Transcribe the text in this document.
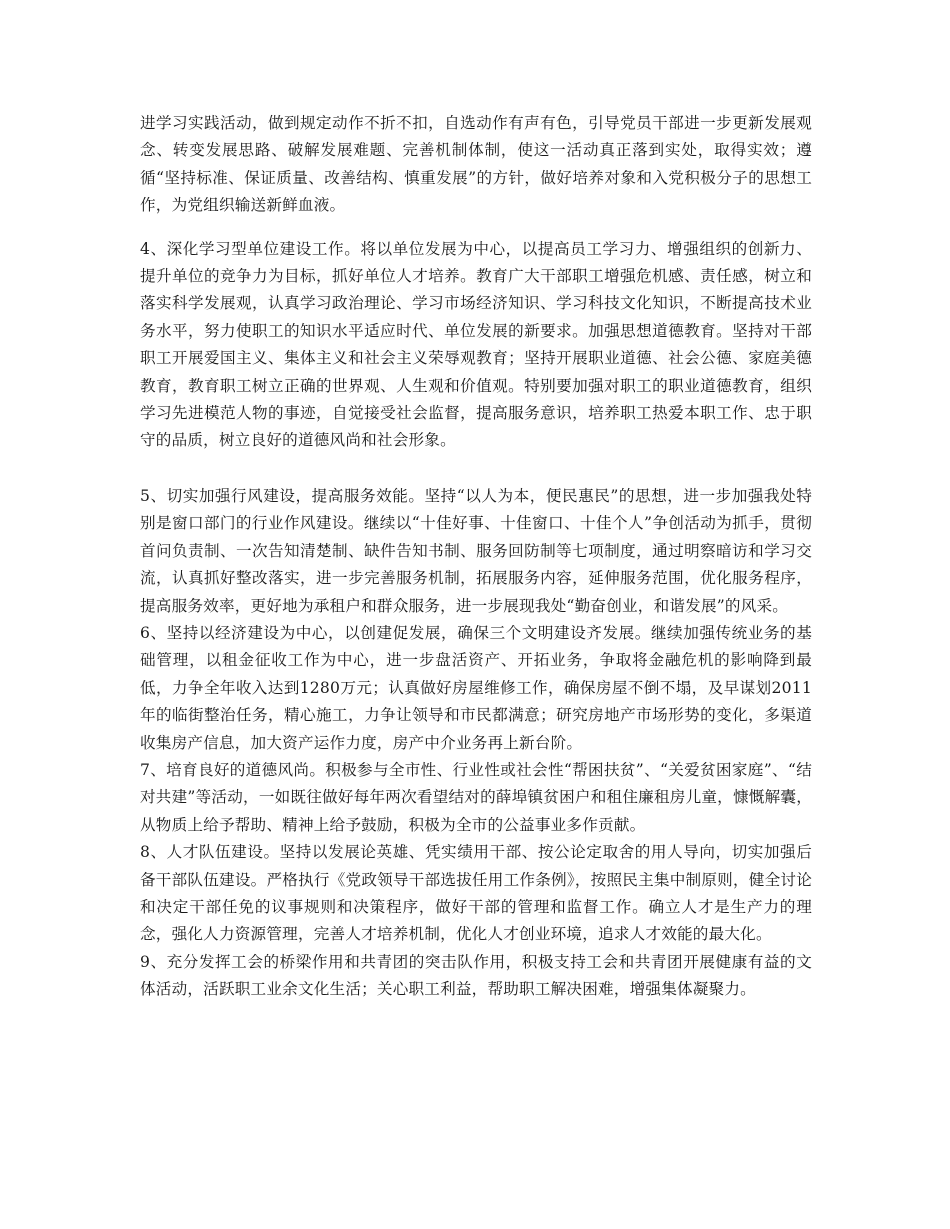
进学习实践活动，做到规定动作不折不扣，自选动作有声有色，引导党员干部进一步更新发展观念、转变发展思路、破解发展难题、完善机制体制，使这一活动真正落到实处，取得实效；遵循“坚持标准、保证质量、改善结构、慎重发展”的方针，做好培养对象和入党积极分子的思想工作，为党组织输送新鲜血液。

4、深化学习型单位建设工作。将以单位发展为中心，以提高员工学习力、增强组织的创新力、提升单位的竞争力为目标，抓好单位人才培养。教育广大干部职工增强危机感、责任感，树立和落实科学发展观，认真学习政治理论、学习市场经济知识、学习科技文化知识，不断提高技术业务水平，努力使职工的知识水平适应时代、单位发展的新要求。加强思想道德教育。坚持对干部职工开展爱国主义、集体主义和社会主义荣辱观教育；坚持开展职业道德、社会公德、家庭美德教育，教育职工树立正确的世界观、人生观和价值观。特别要加强对职工的职业道德教育，组织学习先进模范人物的事迹，自觉接受社会监督，提高服务意识，培养职工热爱本职工作、忠于职守的品质，树立良好的道德风尚和社会形象。

5、切实加强行风建设，提高服务效能。坚持“以人为本，便民惠民”的思想，进一步加强我处特别是窗口部门的行业作风建设。继续以“十佳好事、十佳窗口、十佳个人”争创活动为抓手，贯彻首问负责制、一次告知清楚制、缺件告知书制、服务回防制等七项制度，通过明察暗访和学习交流，认真抓好整改落实，进一步完善服务机制，拓展服务内容，延伸服务范围，优化服务程序，提高服务效率，更好地为承租户和群众服务，进一步展现我处“勤奋创业，和谐发展”的风采。

6、坚持以经济建设为中心，以创建促发展，确保三个文明建设齐发展。继续加强传统业务的基础管理，以租金征收工作为中心，进一步盘活资产、开拓业务，争取将金融危机的影响降到最低，力争全年收入达到1280万元；认真做好房屋维修工作，确保房屋不倒不塌，及早谋划2011年的临街整治任务，精心施工，力争让领导和市民都满意；研究房地产市场形势的变化，多渠道收集房产信息，加大资产运作力度，房产中介业务再上新台阶。

7、培育良好的道德风尚。积极参与全市性、行业性或社会性“帮困扶贫”、“关爱贫困家庭”、“结对共建”等活动，一如既往做好每年两次看望结对的薛埠镇贫困户和租住廉租房儿童，慷慨解囊，从物质上给予帮助、精神上给予鼓励，积极为全市的公益事业多作贡献。

8、人才队伍建设。坚持以发展论英雄、凭实绩用干部、按公论定取舍的用人导向，切实加强后备干部队伍建设。严格执行《党政领导干部选拔任用工作条例》，按照民主集中制原则，健全讨论和决定干部任免的议事规则和决策程序，做好干部的管理和监督工作。确立人才是生产力的理念，强化人力资源管理，完善人才培养机制，优化人才创业环境，追求人才效能的最大化。

9、充分发挥工会的桥梁作用和共青团的突击队作用，积极支持工会和共青团开展健康有益的文体活动，活跃职工业余文化生活；关心职工利益，帮助职工解决困难，增强集体凝聚力。
